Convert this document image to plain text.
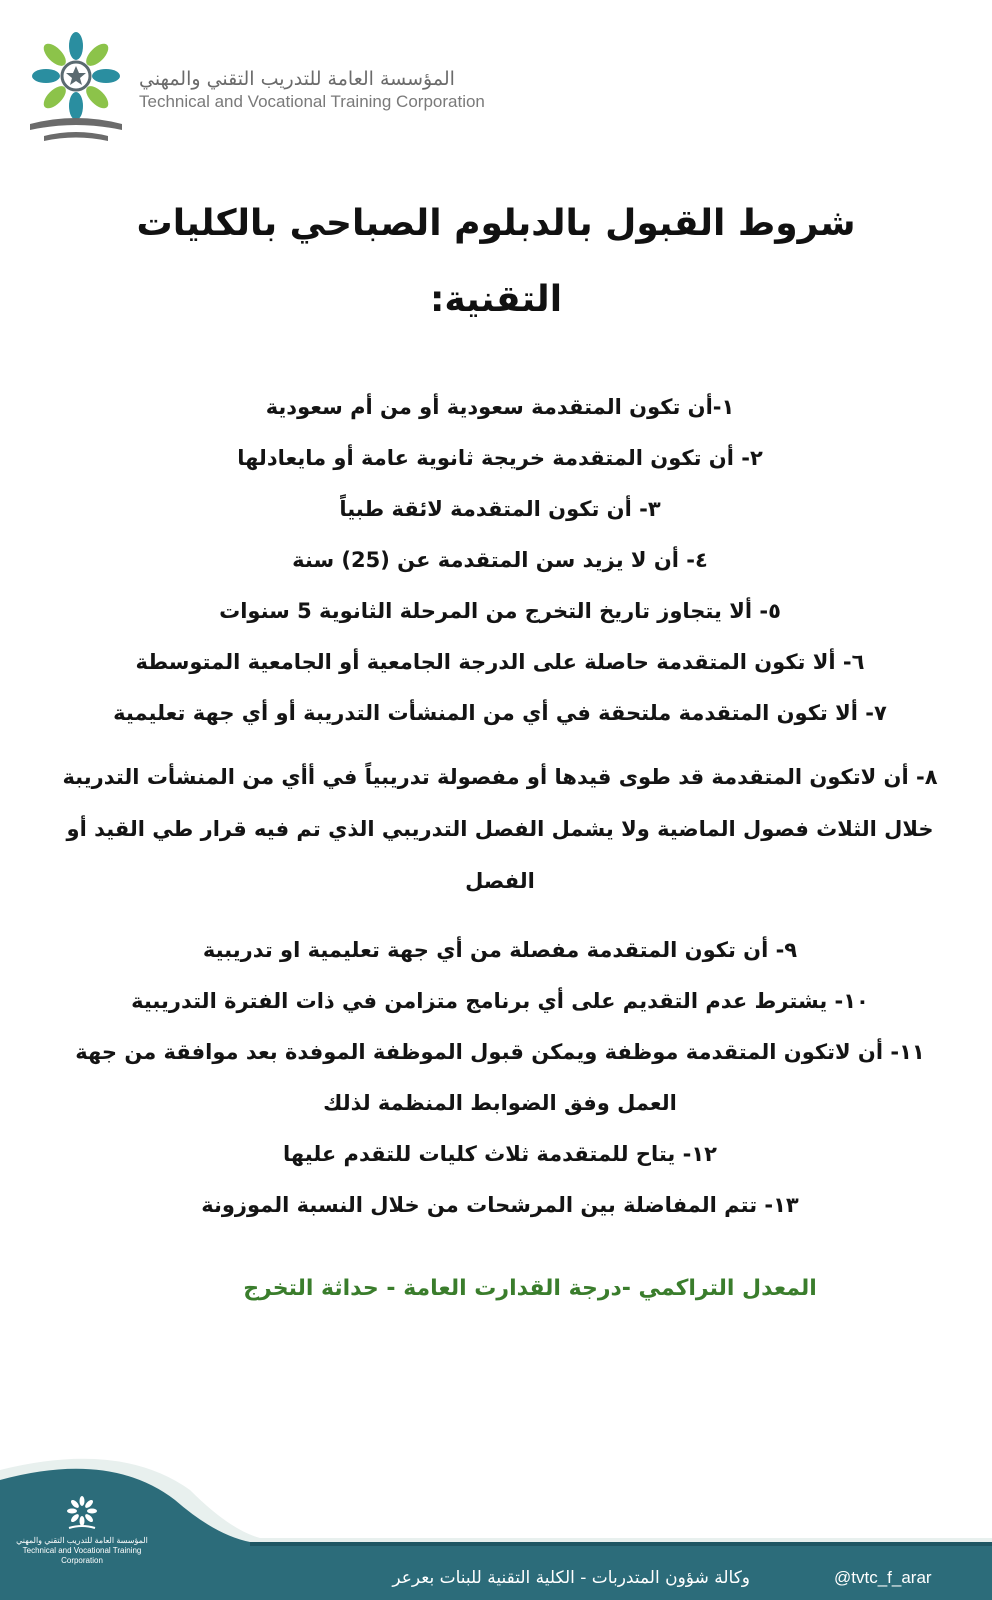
المؤسسة العامة للتدريب التقني والمهني
Technical and Vocational Training Corporation
شروط القبول بالدبلوم الصباحي بالكليات
التقنية:
١-أن تكون المتقدمة سعودية أو من أم سعودية
٢- أن تكون المتقدمة خريجة ثانوية عامة أو مايعادلها
٣- أن تكون المتقدمة لائقة طبياً
٤- أن لا يزيد سن المتقدمة عن (25) سنة
٥- ألا يتجاوز تاريخ التخرج من المرحلة الثانوية 5 سنوات
٦- ألا تكون المتقدمة حاصلة على الدرجة الجامعية أو الجامعية المتوسطة
٧- ألا تكون المتقدمة ملتحقة في أي من المنشأت التدريبة أو أي جهة تعليمية
٨- أن لاتكون المتقدمة قد طوى قيدها أو مفصولة تدريبياً في أأي من المنشأت التدريبة خلال الثلاث فصول الماضية ولا يشمل الفصل التدريبي الذي تم فيه قرار طي القيد أو الفصل
٩- أن تكون المتقدمة مفصلة من أي جهة تعليمية او تدريبية
١٠- يشترط عدم التقديم على أي برنامج متزامن في ذات الفترة التدريبية
١١- أن لاتكون المتقدمة موظفة ويمكن قبول الموظفة الموفدة بعد موافقة من جهة العمل وفق الضوابط المنظمة لذلك
١٢- يتاح للمتقدمة ثلاث كليات للتقدم عليها
١٣- تتم المفاضلة بين المرشحات من خلال النسبة الموزونة
المعدل التراكمي -درجة القدارت العامة - حداثة التخرج
المؤسسة العامة للتدريب التقني والمهني
Technical and Vocational Training Corporation
وكالة شؤون المتدربات - الكلية التقنية للبنات بعرعر	@tvtc_f_arar
